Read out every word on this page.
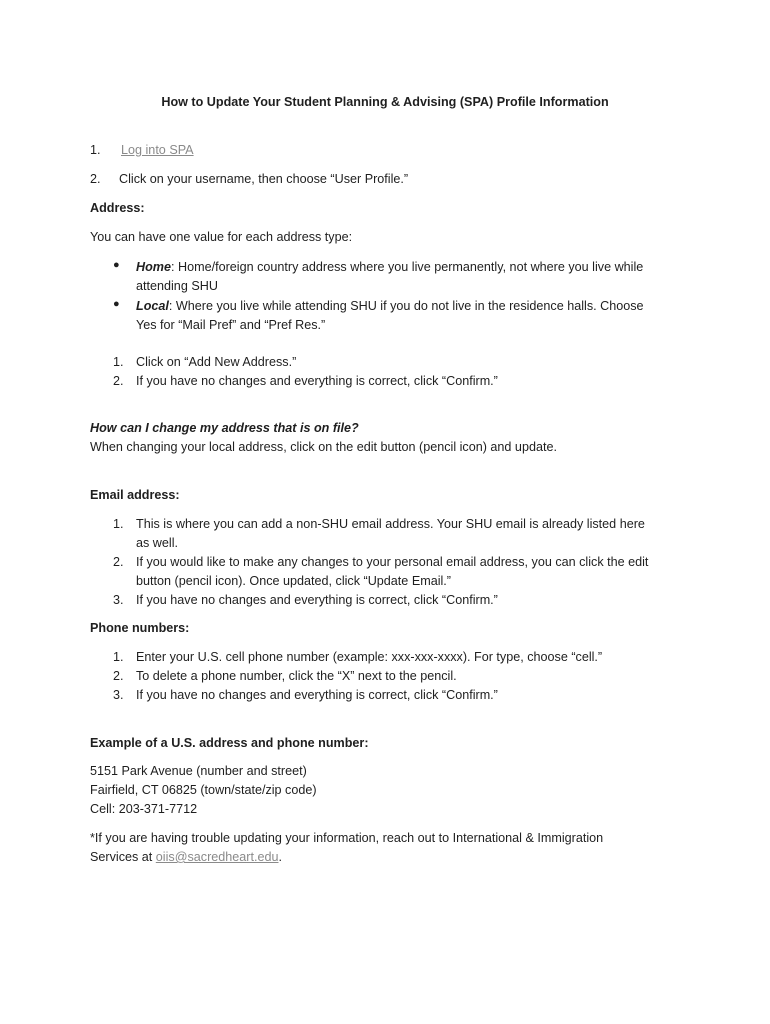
How to Update Your Student Planning & Advising (SPA) Profile Information
1. Log into SPA
2. Click on your username, then choose “User Profile.”
Address:
You can have one value for each address type:
● Home: Home/foreign country address where you live permanently, not where you live while
attending SHU
● Local: Where you live while attending SHU if you do not live in the residence halls. Choose
Yes for “Mail Pref” and “Pref Res.”
1. Click on “Add New Address.”
2. If you have no changes and everything is correct, click “Confirm.”
How can I change my address that is on file?
When changing your local address, click on the edit button (pencil icon) and update.
Email address:
1. This is where you can add a non-SHU email address. Your SHU email is already listed here
as well.
2. If you would like to make any changes to your personal email address, you can click the edit
button (pencil icon). Once updated, click “Update Email.”
3. If you have no changes and everything is correct, click “Confirm.”
Phone numbers:
1. Enter your U.S. cell phone number (example: xxx-xxx-xxxx). For type, choose “cell.”
2. To delete a phone number, click the “X” next to the pencil.
3. If you have no changes and everything is correct, click “Confirm.”
Example of a U.S. address and phone number:
5151 Park Avenue (number and street)
Fairfield, CT 06825 (town/state/zip code)
Cell: 203-371-7712
*If you are having trouble updating your information, reach out to International & Immigration
Services at oiis@sacredheart.edu.
